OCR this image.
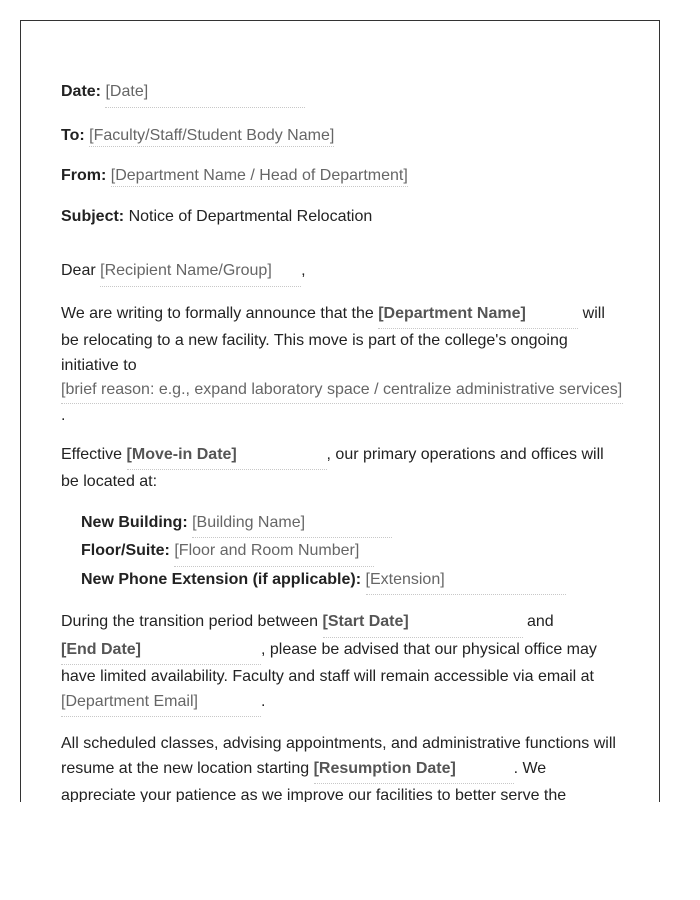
Date: [Date]
To: [Faculty/Staff/Student Body Name]
From: [Department Name / Head of Department]
Subject: Notice of Departmental Relocation
Dear [Recipient Name/Group] ,
We are writing to formally announce that the [Department Name]	will be relocating to a new facility. This move is part of the college's ongoing initiative to
[brief reason: e.g., expand laboratory space / centralize administrative services]
.
Effective [Move-in Date]	, our primary operations and offices will be located at:
New Building: [Building Name]
Floor/Suite: [Floor and Room Number]
New Phone Extension (if applicable): [Extension]
During the transition period between [Start Date]	and [End Date]	, please be advised that our physical office may have limited availability. Faculty and staff will remain accessible via email at [Department Email]	.
All scheduled classes, advising appointments, and administrative functions will resume at the new location starting [Resumption Date]	. We appreciate your patience as we improve our facilities to better serve the
